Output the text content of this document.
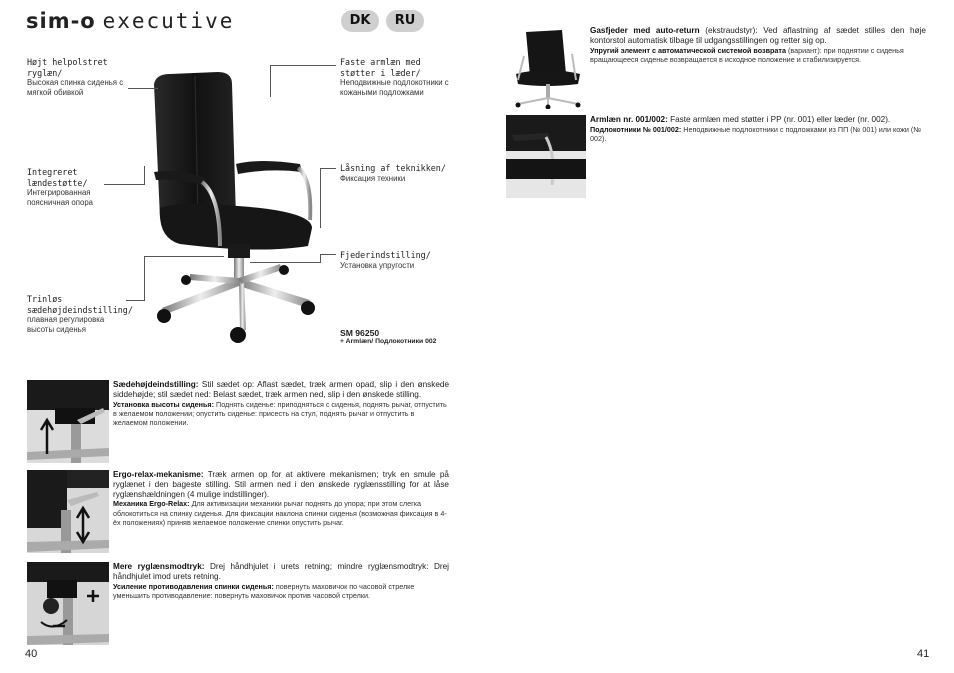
sim-o executive	DK	RU
Højt helpolstret ryglæn/
Высокая спинка сиденья с мягкой обивкой
Integreret lændestøtte/
Интегрированная поясничная опора
Trinløs sædehøjdeindstilling/
плавная регулировка высоты сиденья
Faste armlæn med støtter i læder/
Неподвижные подлокотники с кожаными подложками
Låsning af teknikken/
Фиксация техники
Fjederindstilling/
Установка упругости
SM 96250
+ Armlæn/ Подлокотники 002
Sædehøjdeindstilling: Stil sædet op: Aflast sædet, træk armen opad, slip i den ønskede siddehøjde; stil sædet ned: Belast sædet, træk armen ned, slip i den ønskede stilling.
Установка высоты сиденья: Поднять сиденье: приподняться с сиденья, поднять рычаг, отпустить в желаемом положении; опустить сиденье: присесть на стул, поднять рычаг и отпустить в желаемом положении.
Ergo-relax-mekanisme: Træk armen op for at aktivere mekanismen; tryk en smule på ryglænet i den bageste stilling. Stil armen ned i den ønskede ryglænsstilling for at låse ryglænshældningen (4 mulige indstillinger).
Механика Ergo-Relax: Для активизации механики рычаг поднять до упора; при этом слегка облокотиться на спинку сиденья. Для фиксации наклона спинки сиденья (возможная фиксация в 4-ёх положениях) приняв желаемое положение спинки опустить рычаг.
Mere ryglænsmodtryk: Drej håndhjulet i urets retning; mindre ryglænsmodtryk: Drej håndhjulet imod urets retning.
Усиление противодавления спинки сиденья: повернуть маховичок по часовой стрелке уменьшить противодавление: повернуть маховичок против часовой стрелки.
Gasfjeder med auto-return (ekstraudstyr): Ved aflastning af sædet stilles den høje kontorstol automatisk tilbage til udgangsstillingen og retter sig op.
Упругий элемент с автоматической системой возврата (вариант): при поднятии с сиденья вращающееся сиденье возвращается в исходное положение и стабилизируется.
Armlæn nr. 001/002: Faste armlæn med støtter i PP (nr. 001) eller læder (nr. 002).
Подлокотники № 001/002: Неподвижные подлокотники с подложками из ПП (№ 001) или кожи (№ 002).
40	41
